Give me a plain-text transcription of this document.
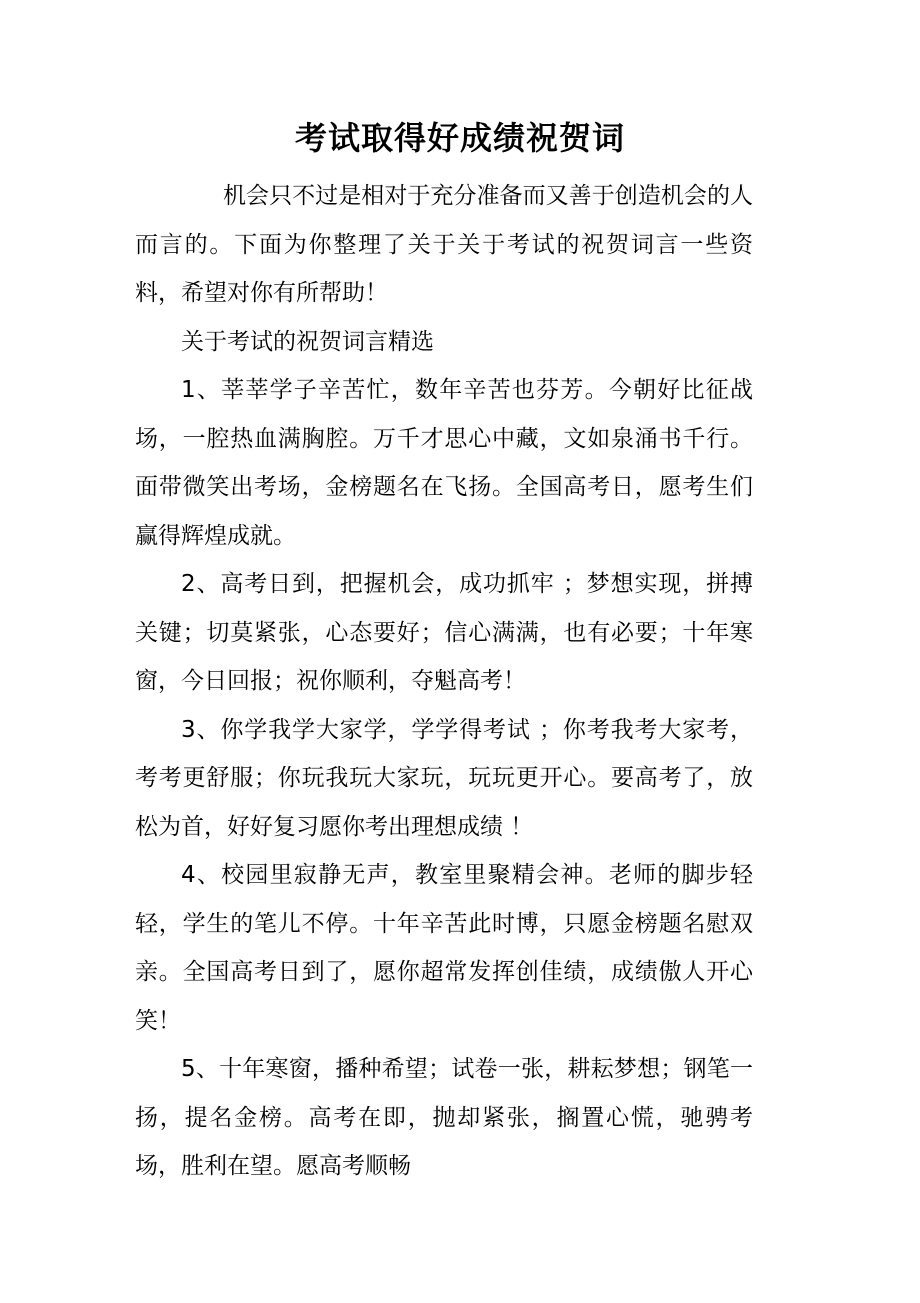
考试取得好成绩祝贺词

机会只不过是相对于充分准备而又善于创造机会的人而言的。下面为你整理了关于关于考试的祝贺词言一些资料，希望对你有所帮助！

关于考试的祝贺词言精选

1、莘莘学子辛苦忙，数年辛苦也芬芳。今朝好比征战场，一腔热血满胸腔。万千才思心中藏，文如泉涌书千行。面带微笑出考场，金榜题名在飞扬。全国高考日，愿考生们赢得辉煌成就。

2、高考日到，把握机会，成功抓牢 ；梦想实现，拼搏关键；切莫紧张，心态要好；信心满满，也有必要；十年寒窗，今日回报；祝你顺利，夺魁高考！

3、你学我学大家学，学学得考试 ；你考我考大家考，考考更舒服；你玩我玩大家玩，玩玩更开心。要高考了，放松为首，好好复习愿你考出理想成绩 ！

4、校园里寂静无声，教室里聚精会神。老师的脚步轻轻，学生的笔儿不停。十年辛苦此时博，只愿金榜题名慰双亲。全国高考日到了，愿你超常发挥创佳绩，成绩傲人开心 笑！

5、十年寒窗，播种希望；试卷一张，耕耘梦想；钢笔一扬，提名金榜。高考在即，抛却紧张，搁置心慌，驰骋考场，胜利在望。愿高考顺畅
